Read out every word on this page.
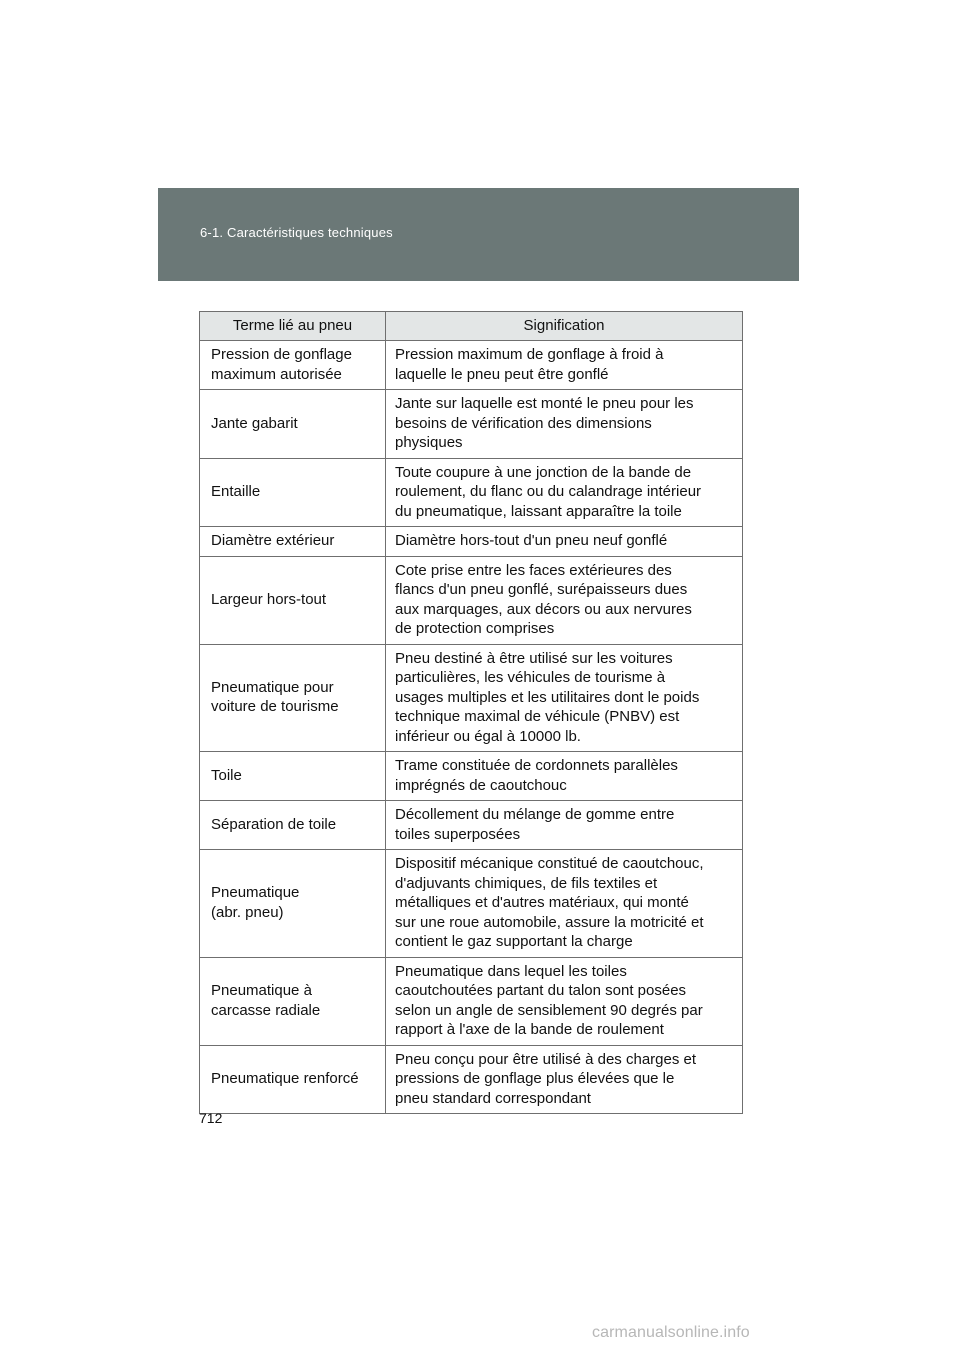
6-1. Caractéristiques techniques
Terme lié au pneu	Signification

Pression de gonflage
maximum autorisée	Pression maximum de gonflage à froid à
laquelle le pneu peut être gonflé

Jante gabarit	Jante sur laquelle est monté le pneu pour les
besoins de vérification des dimensions
physiques

Entaille	Toute coupure à une jonction de la bande de
roulement, du flanc ou du calandrage intérieur
du pneumatique, laissant apparaître la toile

Diamètre extérieur	Diamètre hors-tout d'un pneu neuf gonflé

Largeur hors-tout	Cote prise entre les faces extérieures des
flancs d'un pneu gonflé, surépaisseurs dues
aux marquages, aux décors ou aux nervures
de protection comprises

Pneumatique pour
voiture de tourisme	Pneu destiné à être utilisé sur les voitures
particulières, les véhicules de tourisme à
usages multiples et les utilitaires dont le poids
technique maximal de véhicule (PNBV) est
inférieur ou égal à 10000 lb.

Toile	Trame constituée de cordonnets parallèles
imprégnés de caoutchouc

Séparation de toile	Décollement du mélange de gomme entre
toiles superposées

Pneumatique
(abr. pneu)	Dispositif mécanique constitué de caoutchouc,
d'adjuvants chimiques, de fils textiles et
métalliques et d'autres matériaux, qui monté
sur une roue automobile, assure la motricité et
contient le gaz supportant la charge

Pneumatique à
carcasse radiale	Pneumatique dans lequel les toiles
caoutchoutées partant du talon sont posées
selon un angle de sensiblement 90 degrés par
rapport à l'axe de la bande de roulement

Pneumatique renforcé	Pneu conçu pour être utilisé à des charges et
pressions de gonflage plus élevées que le
pneu standard correspondant
712
carmanualsonline.info
